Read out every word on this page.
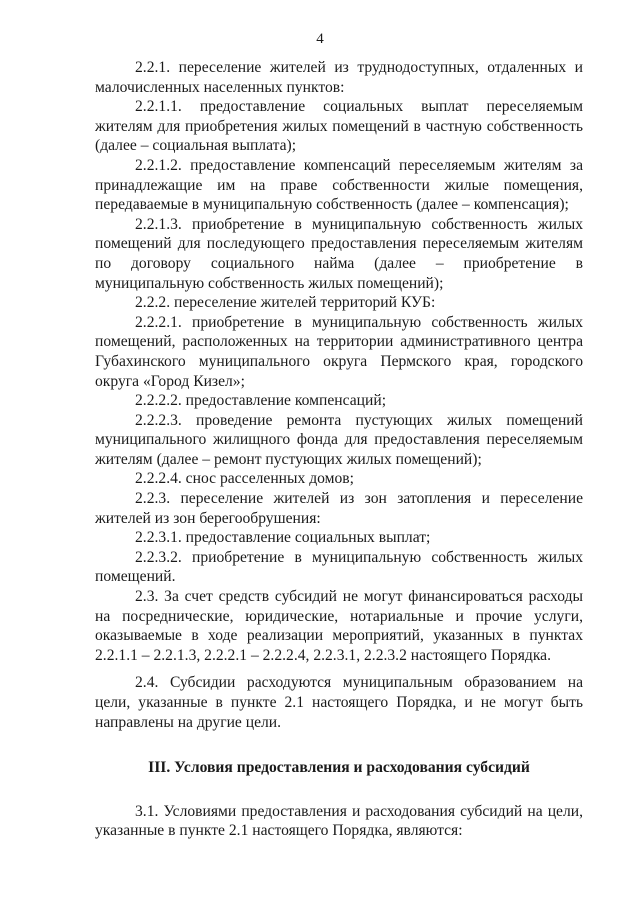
4

2.2.1. переселение жителей из труднодоступных, отдаленных и малочисленных населенных пунктов:

2.2.1.1. предоставление социальных выплат переселяемым жителям для приобретения жилых помещений в частную собственность (далее – социальная выплата);

2.2.1.2. предоставление компенсаций переселяемым жителям за принадлежащие им на праве собственности жилые помещения, передаваемые в муниципальную собственность (далее – компенсация);

2.2.1.3. приобретение в муниципальную собственность жилых помещений для последующего предоставления переселяемым жителям по договору социального найма (далее – приобретение в муниципальную собственность жилых помещений);

2.2.2. переселение жителей территорий КУБ:

2.2.2.1. приобретение в муниципальную собственность жилых помещений, расположенных на территории административного центра Губахинского муниципального округа Пермского края, городского округа «Город Кизел»;

2.2.2.2. предоставление компенсаций;

2.2.2.3. проведение ремонта пустующих жилых помещений муниципального жилищного фонда для предоставления переселяемым жителям (далее – ремонт пустующих жилых помещений);

2.2.2.4. снос расселенных домов;

2.2.3. переселение жителей из зон затопления и переселение жителей из зон берегообрушения:

2.2.3.1. предоставление социальных выплат;

2.2.3.2. приобретение в муниципальную собственность жилых помещений.

2.3. За счет средств субсидий не могут финансироваться расходы на посреднические, юридические, нотариальные и прочие услуги, оказываемые в ходе реализации мероприятий, указанных в пунктах 2.2.1.1 – 2.2.1.3, 2.2.2.1 – 2.2.2.4, 2.2.3.1, 2.2.3.2 настоящего Порядка.

2.4. Субсидии расходуются муниципальным образованием на цели, указанные в пункте 2.1 настоящего Порядка, и не могут быть направлены на другие цели.

III. Условия предоставления и расходования субсидий

3.1. Условиями предоставления и расходования субсидий на цели, указанные в пункте 2.1 настоящего Порядка, являются:
